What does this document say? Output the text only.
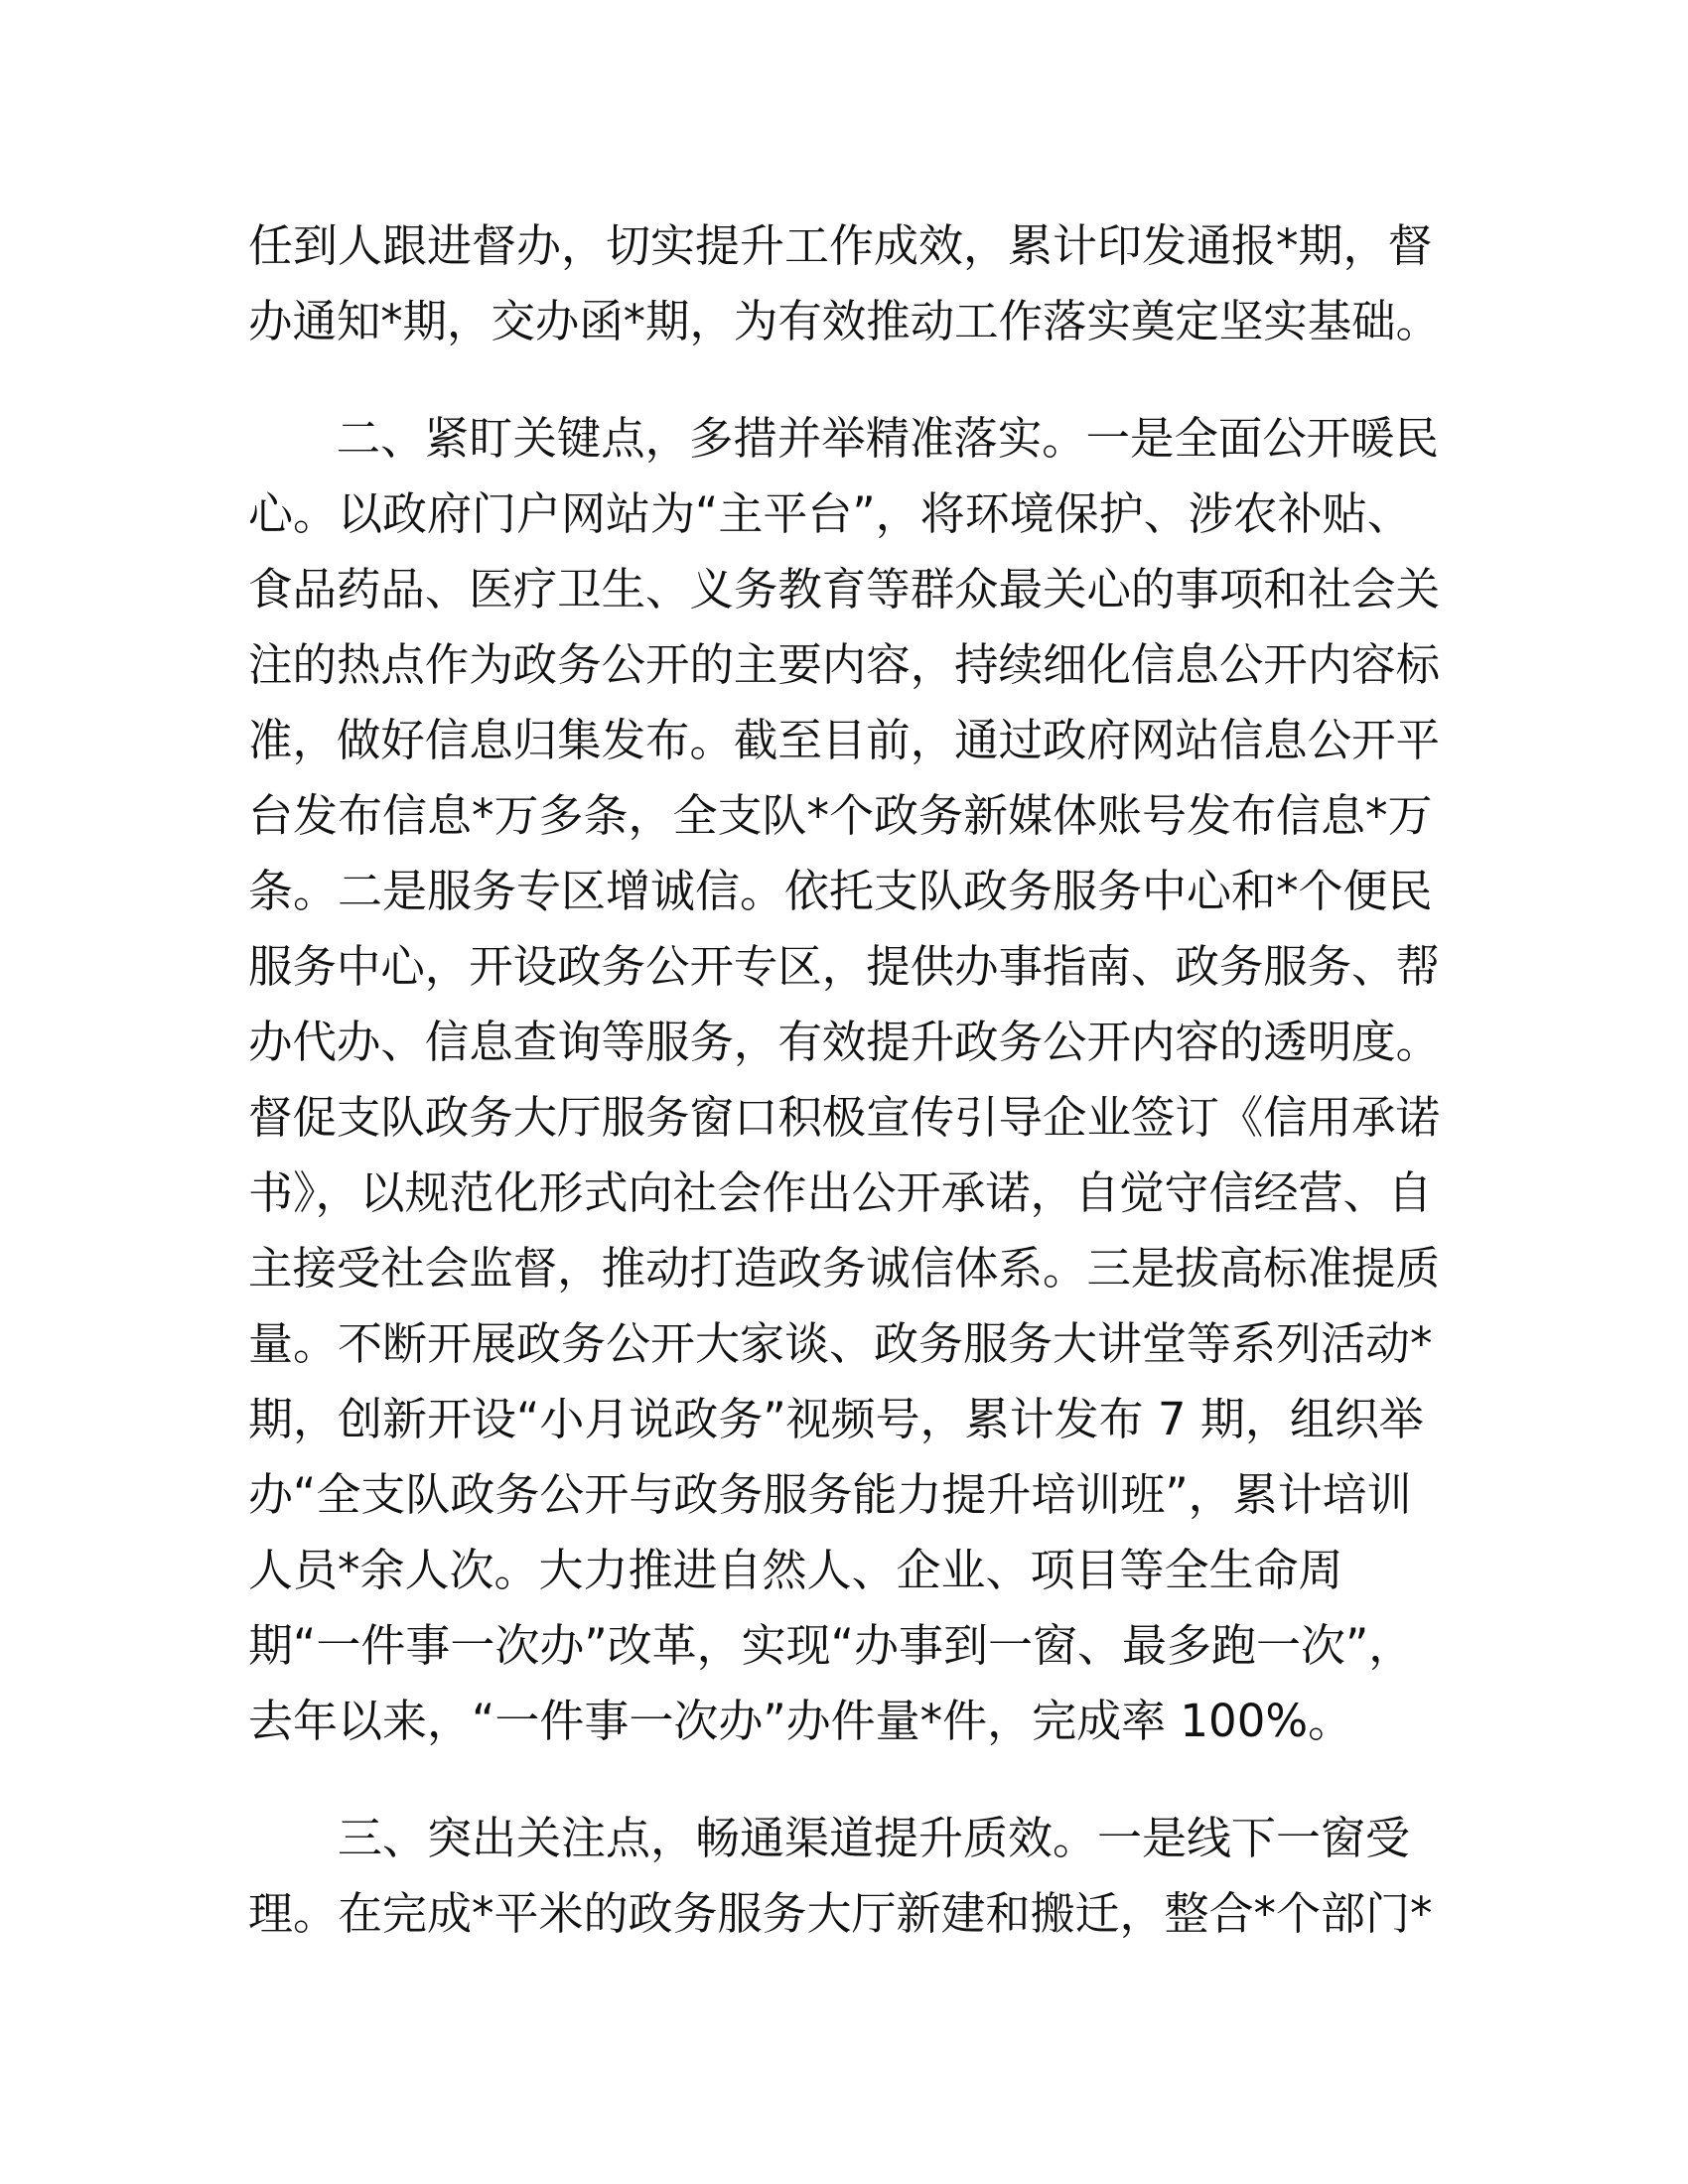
任到人跟进督办，切实提升工作成效，累计印发通报*期，督
办通知*期，交办函*期，为有效推动工作落实奠定坚实基础。
二、紧盯关键点，多措并举精准落实。一是全面公开暖民
心。以政府门户网站为“主平台”，将环境保护、涉农补贴、
食品药品、医疗卫生、义务教育等群众最关心的事项和社会关
注的热点作为政务公开的主要内容，持续细化信息公开内容标
准，做好信息归集发布。截至目前，通过政府网站信息公开平
台发布信息*万多条，全支队*个政务新媒体账号发布信息*万
条。二是服务专区增诚信。依托支队政务服务中心和*个便民
服务中心，开设政务公开专区，提供办事指南、政务服务、帮
办代办、信息查询等服务，有效提升政务公开内容的透明度。
督促支队政务大厅服务窗口积极宣传引导企业签订《信用承诺
书》，以规范化形式向社会作出公开承诺，自觉守信经营、自
主接受社会监督，推动打造政务诚信体系。三是拔高标准提质
量。不断开展政务公开大家谈、政务服务大讲堂等系列活动*
期，创新开设“小月说政务”视频号，累计发布 7 期，组织举
办“全支队政务公开与政务服务能力提升培训班”，累计培训
人员*余人次。大力推进自然人、企业、项目等全生命周
期“一件事一次办”改革，实现“办事到一窗、最多跑一次”，
去年以来，“一件事一次办”办件量*件，完成率 100%。
三、突出关注点，畅通渠道提升质效。一是线下一窗受
理。在完成*平米的政务服务大厅新建和搬迁，整合*个部门*
